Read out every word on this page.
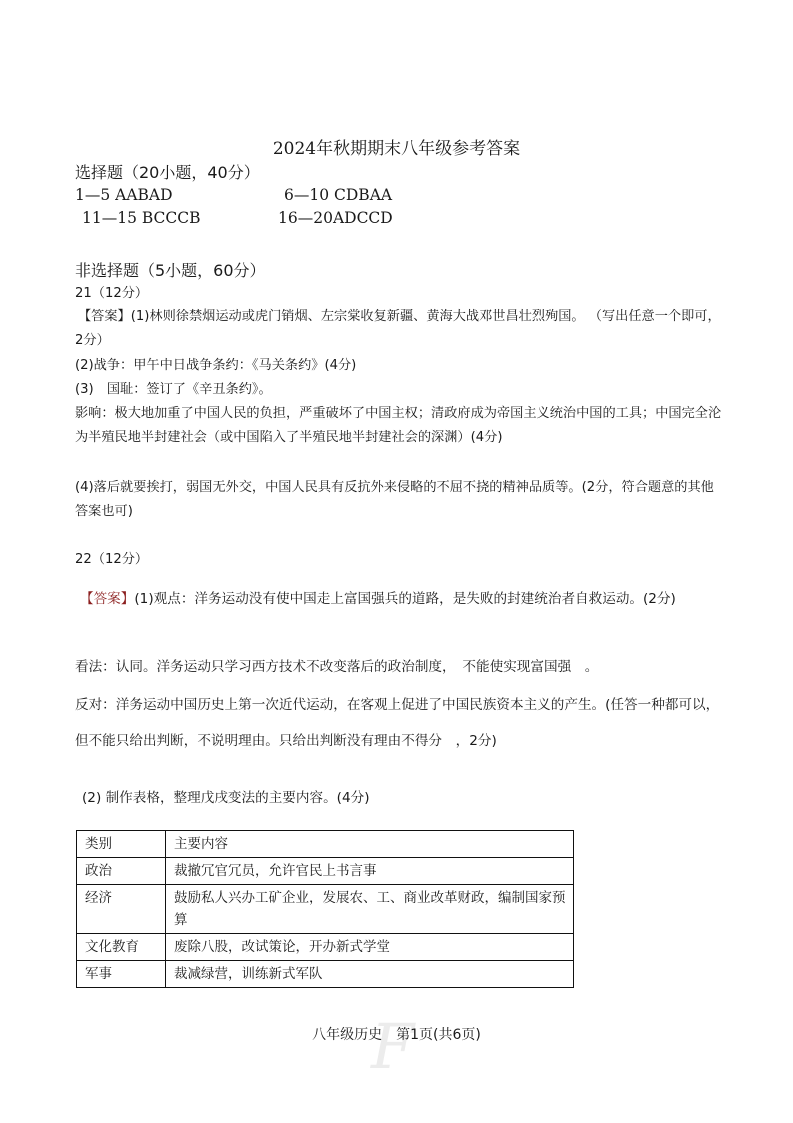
2024年秋期期末八年级参考答案
选择题（20小题，40分）
1—5 AABAD	6—10 CDBAA
11—15 BCCCB	16—20ADCCD
非选择题（5小题，60分）
21（12分）
【答案】(1)林则徐禁烟运动或虎门销烟、左宗棠收复新疆、黄海大战邓世昌壮烈殉国。 （写出任意一个即可，2分）
(2)战争：甲午中日战争条约：《马关条约》(4分)
(3)　国耻：签订了《辛丑条约》。
影响：极大地加重了中国人民的负担，严重破坏了中国主权；清政府成为帝国主义统治中国的工具；中国完全沦为半殖民地半封建社会（或中国陷入了半殖民地半封建社会的深渊）(4分)
(4)落后就要挨打，弱国无外交，中国人民具有反抗外来侵略的不屈不挠的精神品质等。(2分，符合题意的其他答案也可)
22（12分）
【答案】(1)观点：洋务运动没有使中国走上富国强兵的道路，是失败的封建统治者自救运动。(2分)
看法：认同。洋务运动只学习西方技术不改变落后的政治制度，　不能使实现富国强　。
反对：洋务运动中国历史上第一次近代运动，在客观上促进了中国民族资本主义的产生。(任答一种都可以，但不能只给出判断，不说明理由。只给出判断没有理由不得分　，2分)
(2) 制作表格，整理戊戌变法的主要内容。(4分)
类别	主要内容
政治	裁撤冗官冗员，允许官民上书言事
经济	鼓励私人兴办工矿企业，发展农、工、商业改革财政，编制国家预算
文化教育	废除八股，改试策论，开办新式学堂
军事	裁减绿营，训练新式军队
F
八年级历史　第1页(共6页)
